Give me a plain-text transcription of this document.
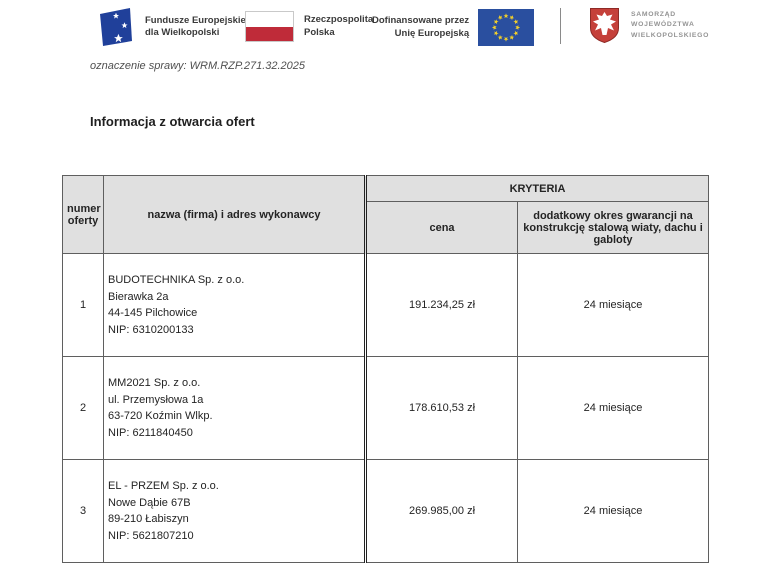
Fundusze Europejskie
dla Wielkopolski
Rzeczpospolita
Polska
Dofinansowane przez
Unię Europejską
SAMORZĄD
WOJEWÓDZTWA
WIELKOPOLSKIEGO
oznaczenie sprawy: WRM.RZP.271.32.2025
Informacja z otwarcia ofert
numer oferty	nazwa (firma) i adres wykonawcy	KRYTERIA	
		cena	dodatkowy okres gwarancji na konstrukcję stalową wiaty, dachu i gabloty
1	BUDOTECHNIKA Sp. z o.o.
Bierawka 2a
44-145 Pilchowice
NIP: 6310200133	191.234,25 zł	24 miesiące
2	MM2021 Sp. z o.o.
ul. Przemysłowa 1a
63-720 Koźmin Wlkp.
NIP: 6211840450	178.610,53 zł	24 miesiące
3	EL - PRZEM Sp. z o.o.
Nowe Dąbie 67B
89-210 Łabiszyn
NIP: 5621807210	269.985,00 zł	24 miesiące
